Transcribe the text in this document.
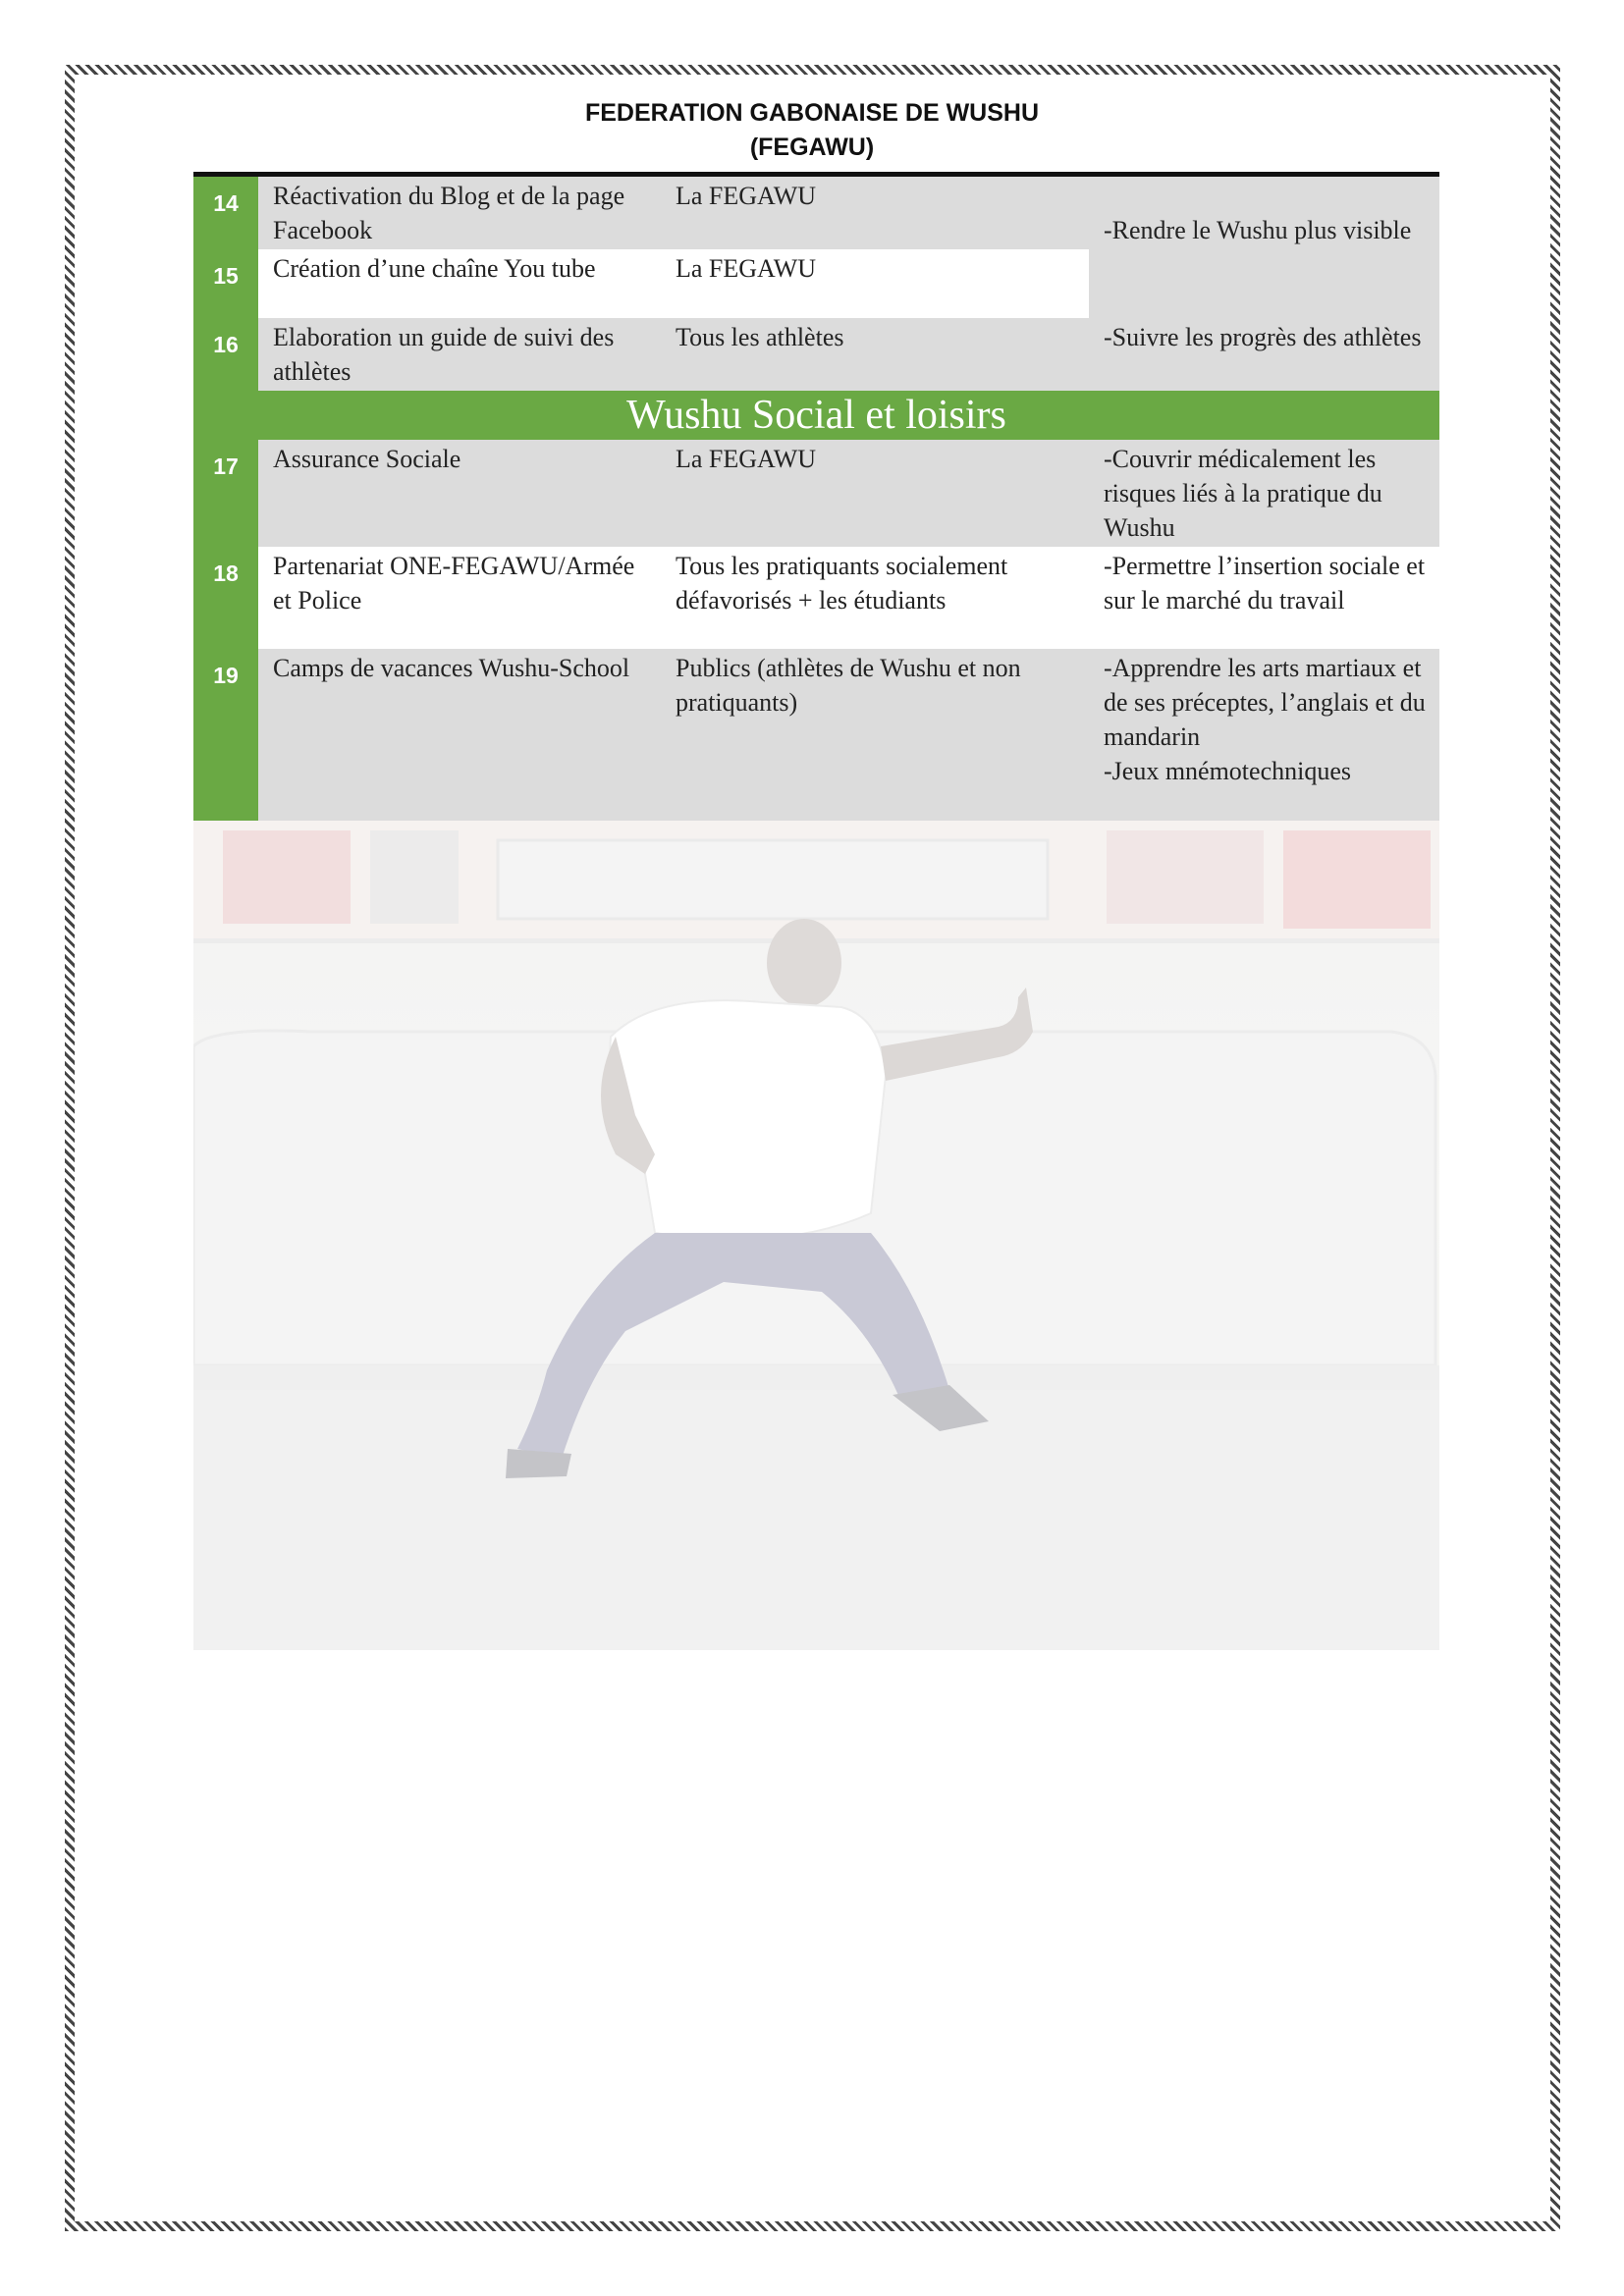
FEDERATION GABONAISE DE WUSHU
(FEGAWU)
14	Réactivation du Blog et de la page Facebook	La FEGAWU	-Rendre le Wushu plus visible
15	Création d’une chaîne You tube	La FEGAWU	
16	Elaboration un guide de suivi des athlètes	Tous les athlètes	-Suivre les progrès des athlètes
Wushu Social et loisirs			
17	Assurance Sociale	La FEGAWU	-Couvrir médicalement les risques liés à la pratique du Wushu
18	Partenariat ONE-FEGAWU/Armée et Police	Tous les pratiquants socialement défavorisés + les étudiants	-Permettre l’insertion sociale et sur le marché du travail
19	Camps de vacances Wushu-School	Publics (athlètes de Wushu et non pratiquants)	-Apprendre les arts martiaux et de ses préceptes, l’anglais et du mandarin
-Jeux mnémotechniques
